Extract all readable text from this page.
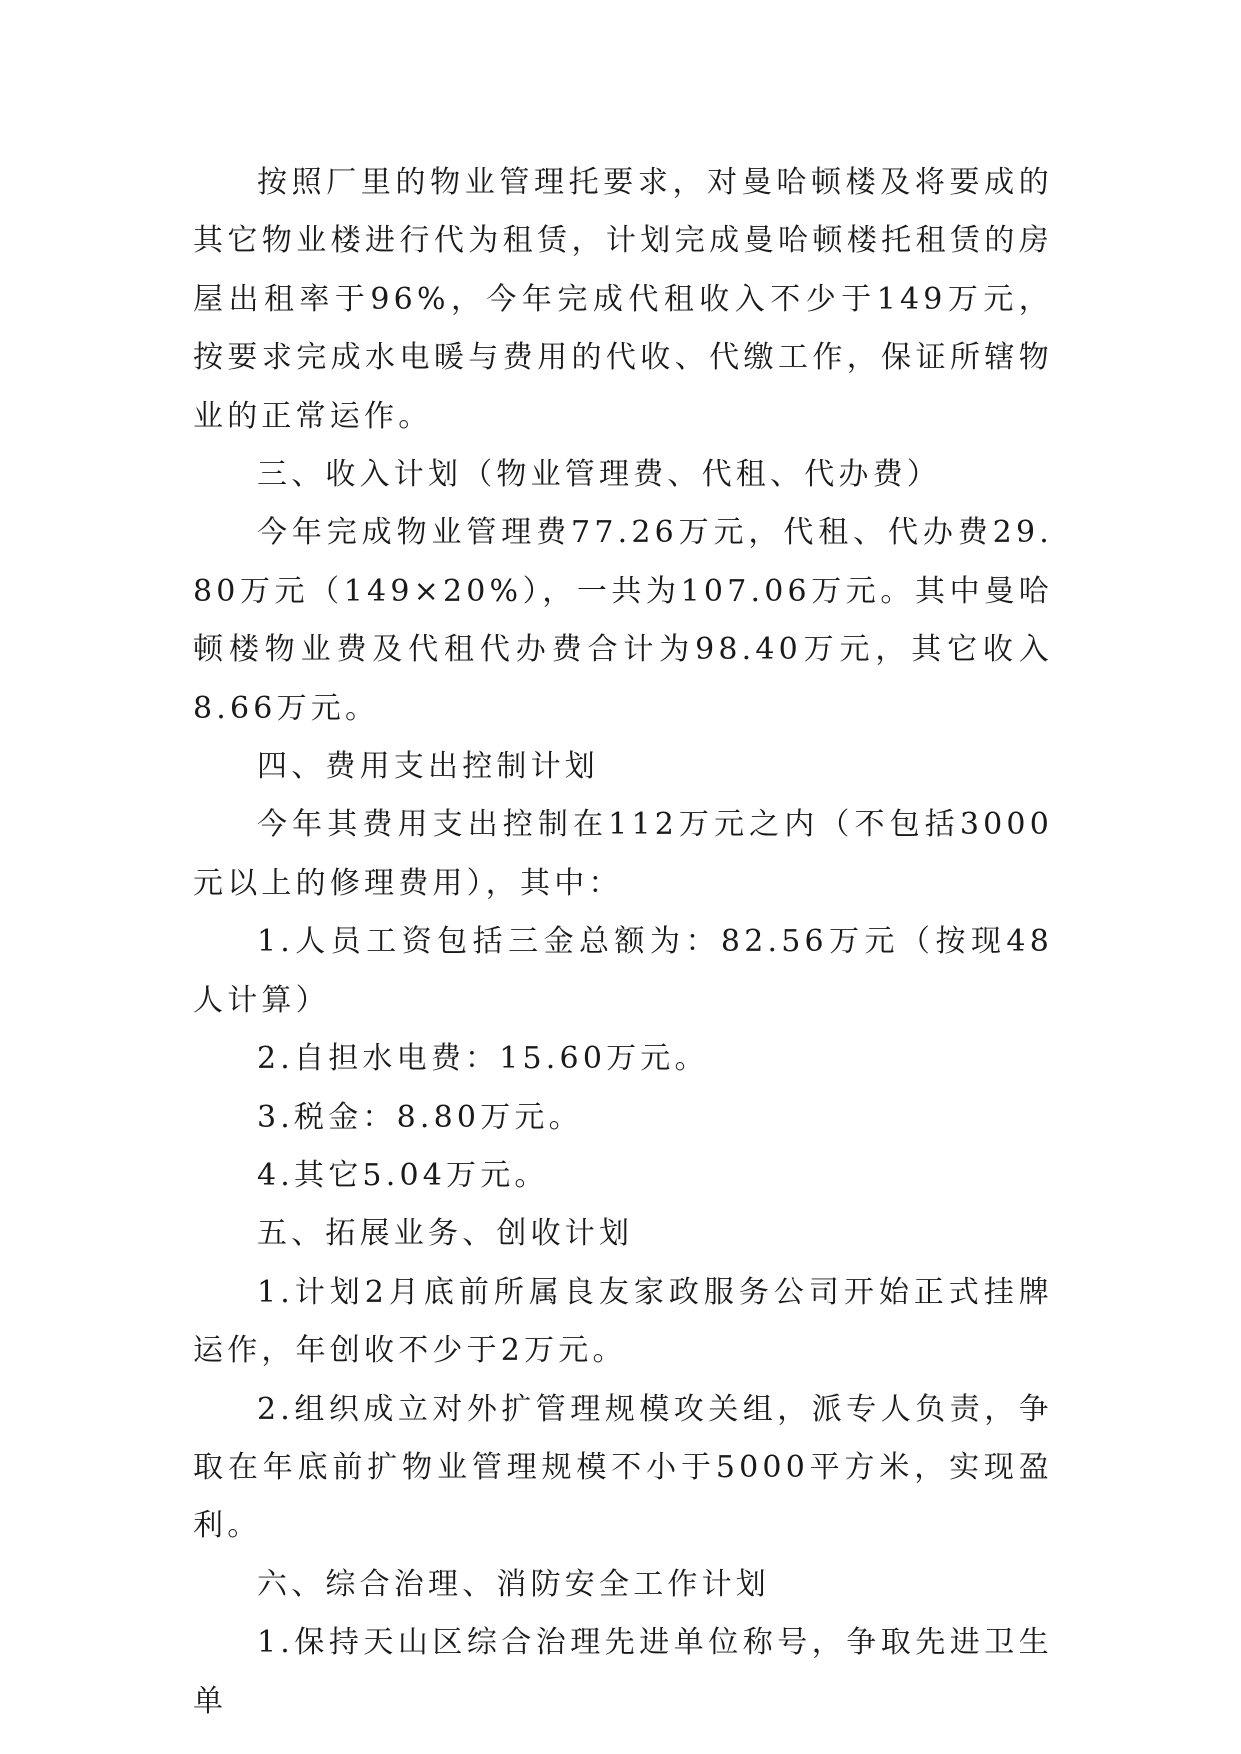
按照厂里的物业管理托要求，对曼哈顿楼及将要成的其它物业楼进行代为租赁，计划完成曼哈顿楼托租赁的房屋出租率于96%，今年完成代租收入不少于149万元，按要求完成水电暖与费用的代收、代缴工作，保证所辖物业的正常运作。

三、收入计划（物业管理费、代租、代办费）

今年完成物业管理费77.26万元，代租、代办费29.80万元（149×20%），一共为107.06万元。其中曼哈顿楼物业费及代租代办费合计为98.40万元，其它收入8.66万元。

四、费用支出控制计划

今年其费用支出控制在112万元之内（不包括3000元以上的修理费用），其中：

1.人员工资包括三金总额为：82.56万元（按现48人计算）

2.自担水电费：15.60万元。

3.税金：8.80万元。

4.其它5.04万元。

五、拓展业务、创收计划

1.计划2月底前所属良友家政服务公司开始正式挂牌运作，年创收不少于2万元。

2.组织成立对外扩管理规模攻关组，派专人负责，争取在年底前扩物业管理规模不小于5000平方米，实现盈利。

六、综合治理、消防安全工作计划

1.保持天山区综合治理先进单位称号，争取先进卫生单
